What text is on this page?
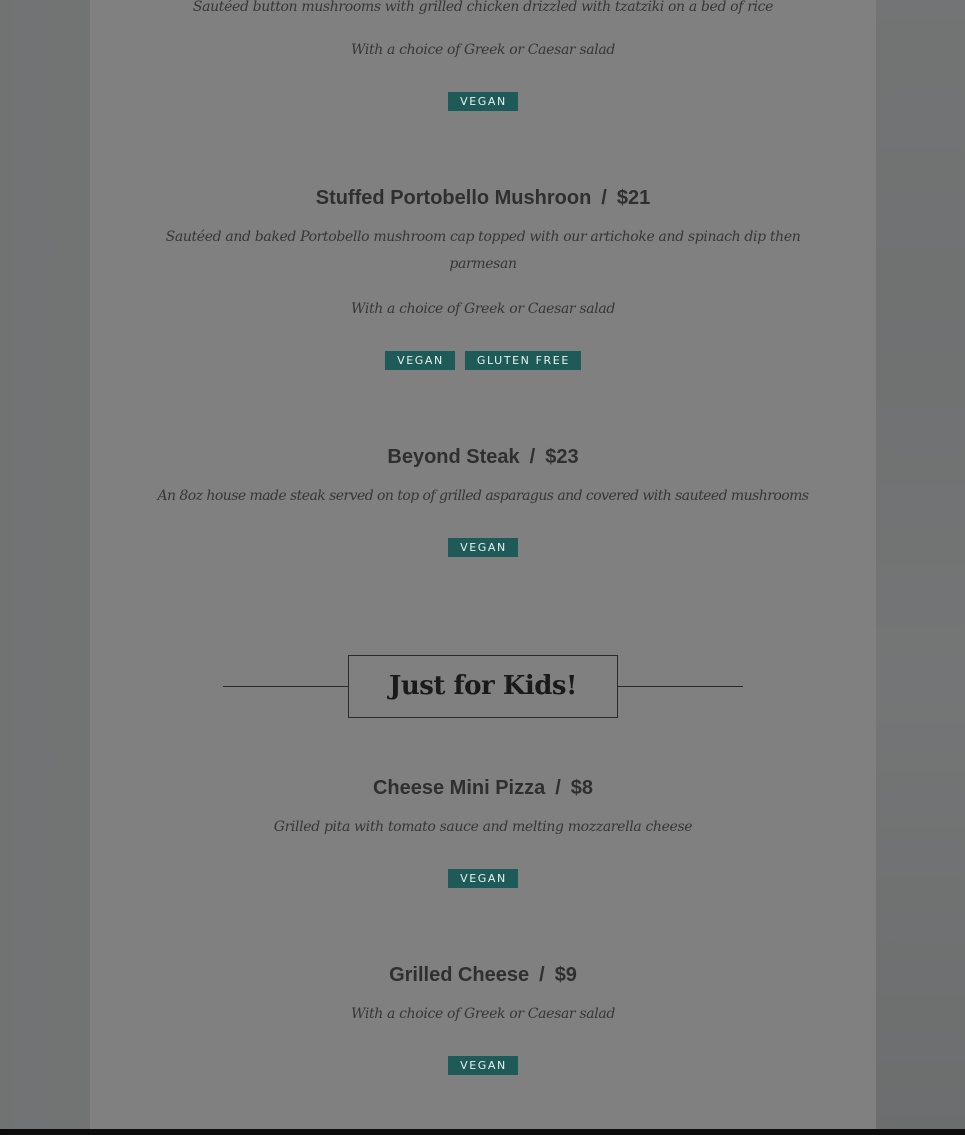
Sautéed button mushrooms with grilled chicken drizzled with tzatziki on a bed of rice
With a choice of Greek or Caesar salad
VEGAN
Stuffed Portobello Mushroon / $21
Sautéed and baked Portobello mushroom cap topped with our artichoke and spinach dip then
parmesan
With a choice of Greek or Caesar salad
VEGAN	GLUTEN FREE
Beyond Steak / $23
An 8oz house made steak served on top of grilled asparagus and covered with sauteed mushrooms
VEGAN
Just for Kids!
Cheese Mini Pizza / $8
Grilled pita with tomato sauce and melting mozzarella cheese
VEGAN
Grilled Cheese / $9
With a choice of Greek or Caesar salad
VEGAN
